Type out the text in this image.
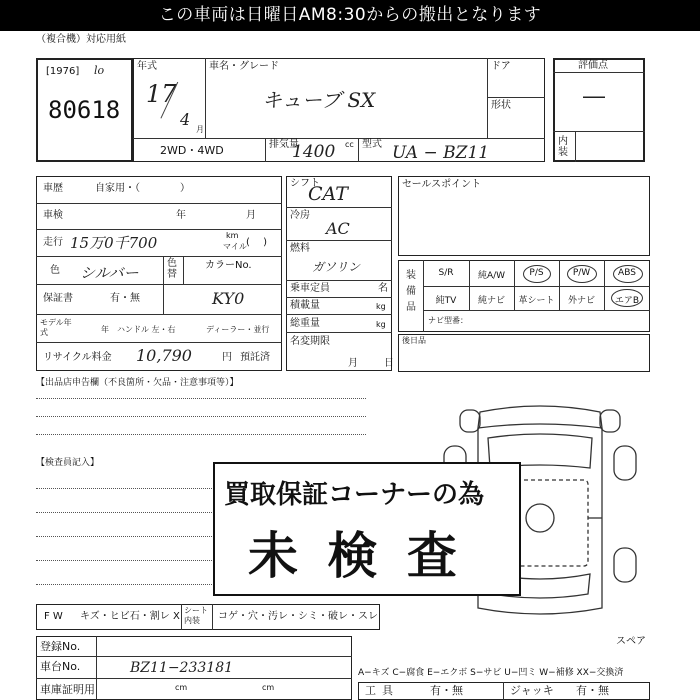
この車両は日曜日AM8:30からの搬出となります
（複合機）対応用紙
[1976] lo
80618
年式
17
4
月
車名・グレード
キューブ SX
ドア
形状
2WD・4WD	排気量
1400 cc 型式 UA − BZ11
評価点
―
内装
車歴	自家用・（　　　　）
車検	年	月
走行 15万0千700	km
マイル (　 )
色 シルバー
色替
カラーNo.
保証書	有・無	KY0
モデル年式	年 ハンドル 左・右	ディーラー・並行
リサイクル料金 10,790	円 預託済
シフト
CAT
冷房
AC
燃料
ガソリン
乗車定員	名
積載量	kg
総重量	kg
名変期限
月日
セールスポイント
装備品
S/R	純A/W	P/S	P/W	ABS
純TV	純ナビ	革シート	外ナビ	エアB
ナビ型番：
後日品
【出品店申告欄（不良箇所・欠品・注意事項等）】
【検査員記入】
買取保証コーナーの為
未 検 査
F W キズ・ヒビ石・割レ X
シート内装	コゲ・穴・汚レ・シミ・破レ・スレ
登録No.
車台No.	BZ11−233181
車庫証明用	cm	cm
スペア
A−キズ C−腐食 E−エクボ S−サビ U−凹ミ W−補修 XX−交換済
工具	有・無	ジャッキ 有・無
